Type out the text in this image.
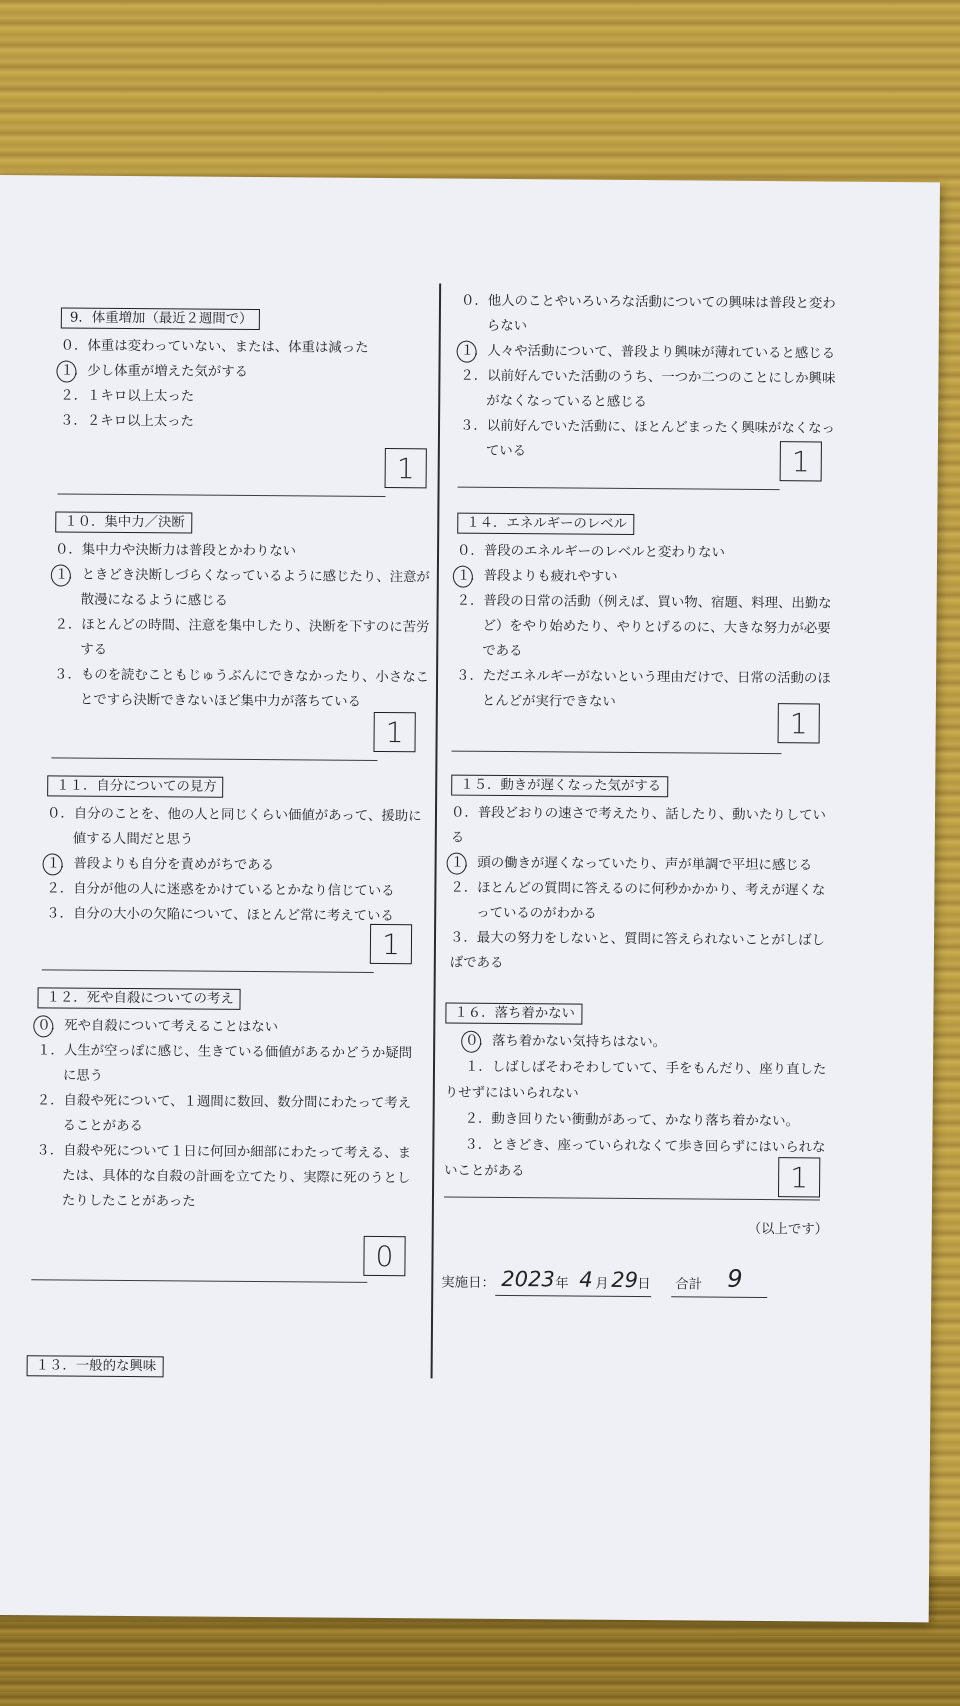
9．体重増加（最近２週間で）
０．体重は変わっていない、または、体重は減った
１．少し体重が増えた気がする
２．１キロ以上太った
３．２キロ以上太った
1
１０．集中力／決断
０．集中力や決断力は普段とかわりない
１．ときどき決断しづらくなっているように感じたり、注意が
散漫になるように感じる
２．ほとんどの時間、注意を集中したり、決断を下すのに苦労
する
３．ものを読むこともじゅうぶんにできなかったり、小さなこ
とですら決断できないほど集中力が落ちている
1
１１．自分についての見方
０．自分のことを、他の人と同じくらい価値があって、援助に
値する人間だと思う
１．普段よりも自分を責めがちである
２．自分が他の人に迷惑をかけているとかなり信じている
３．自分の大小の欠陥について、ほとんど常に考えている
1
１２．死や自殺についての考え
０．死や自殺について考えることはない
１．人生が空っぽに感じ、生きている価値があるかどうか疑問
に思う
２．自殺や死について、１週間に数回、数分間にわたって考え
ることがある
３．自殺や死について１日に何回か細部にわたって考える、ま
たは、具体的な自殺の計画を立てたり、実際に死のうとし
たりしたことがあった
0
１３．一般的な興味
０．他人のことやいろいろな活動についての興味は普段と変わ
らない
１．人々や活動について、普段より興味が薄れていると感じる
２．以前好んでいた活動のうち、一つか二つのことにしか興味
がなくなっていると感じる
３．以前好んでいた活動に、ほとんどまったく興味がなくなっ
ている	1
１４．エネルギーのレベル
０．普段のエネルギーのレベルと変わりない
１．普段よりも疲れやすい
２．普段の日常の活動（例えば、買い物、宿題、料理、出勤な
ど）をやり始めたり、やりとげるのに、大きな努力が必要
である
３．ただエネルギーがないという理由だけで、日常の活動のほ
とんどが実行できない
1
１５．動きが遅くなった気がする
０．普段どおりの速さで考えたり、話したり、動いたりしてい
る
１．頭の働きが遅くなっていたり、声が単調で平坦に感じる
２．ほとんどの質問に答えるのに何秒かかかり、考えが遅くな
っているのがわかる
３．最大の努力をしないと、質問に答えられないことがしばし
ばである
１６．落ち着かない
０．落ち着かない気持ちはない。
１．しばしばそわそわしていて、手をもんだり、座り直した
りせずにはいられない
２．動き回りたい衝動があって、かなり落ち着かない。
３．ときどき、座っていられなくて歩き回らずにはいられな
いことがある	1
（以上です）
実施日： 2023 年 4 月 29 日 合計 9
